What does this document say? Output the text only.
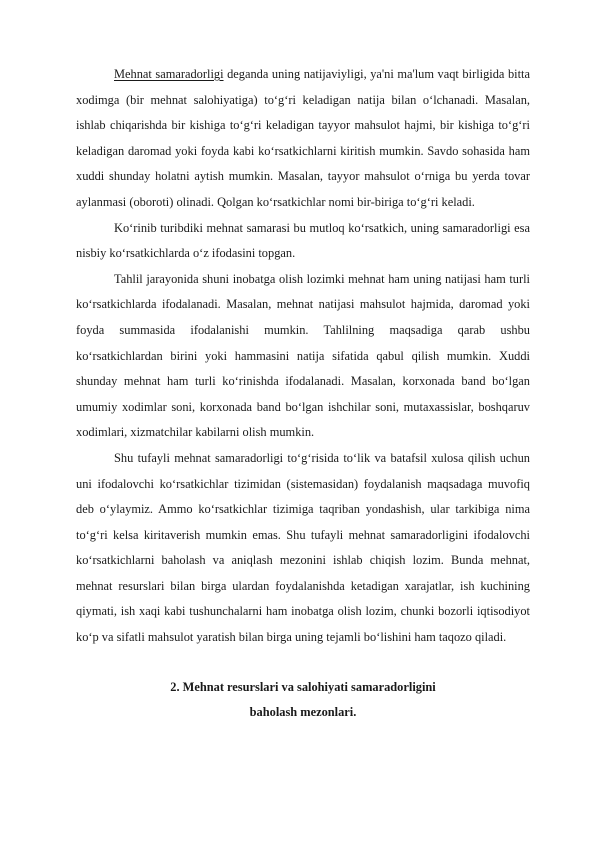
Mehnat samaradorligi deganda uning natijaviyligi, ya'ni ma'lum vaqt birligida bitta xodimga (bir mehnat salohiyatiga) toʻgʻri keladigan natija bilan oʻlchanadi. Masalan, ishlab chiqarishda bir kishiga toʻgʻri keladigan tayyor mahsulot hajmi, bir kishiga toʻgʻri keladigan daromad yoki foyda kabi koʻrsatkichlarni kiritish mumkin. Savdo sohasida ham xuddi shunday holatni aytish mumkin. Masalan, tayyor mahsulot oʻrniga bu yerda tovar aylanmasi (oboroti) olinadi. Qolgan koʻrsatkichlar nomi bir-biriga toʻgʻri keladi.

Koʻrinib turibdiki mehnat samarasi bu mutloq koʻrsatkich, uning samaradorligi esa nisbiy koʻrsatkichlarda oʻz ifodasini topgan.

Tahlil jarayonida shuni inobatga olish lozimki mehnat ham uning natijasi ham turli koʻrsatkichlarda ifodalanadi. Masalan, mehnat natijasi mahsulot hajmida, daromad yoki foyda summasida ifodalanishi mumkin. Tahlilning maqsadiga qarab ushbu koʻrsatkichlardan birini yoki hammasini natija sifatida qabul qilish mumkin. Xuddi shunday mehnat ham turli koʻrinishda ifodalanadi. Masalan, korxonada band boʻlgan umumiy xodimlar soni, korxonada band boʻlgan ishchilar soni, mutaxassislar, boshqaruv xodimlari, xizmatchilar kabilarni olish mumkin.

Shu tufayli mehnat samaradorligi toʻgʻrisida toʻlik va batafsil xulosa qilish uchun uni ifodalovchi koʻrsatkichlar tizimidan (sistemasidan) foydalanish maqsadaga muvofiq deb oʻylaymiz. Ammo koʻrsatkichlar tizimiga taqriban yondashish, ular tarkibiga nima toʻgʻri kelsa kiritaverish mumkin emas. Shu tufayli mehnat samaradorligini ifodalovchi koʻrsatkichlarni baholash va aniqlash mezonini ishlab chiqish lozim. Bunda mehnat, mehnat resurslari bilan birga ulardan foydalanishda ketadigan xarajatlar, ish kuchining qiymati, ish xaqi kabi tushunchalarni ham inobatga olish lozim, chunki bozorli iqtisodiyot koʻp va sifatli mahsulot yaratish bilan birga uning tejamli boʻlishini ham taqozo qiladi.

2. Mehnat resurslari va salohiyati samaradorligini
baholash mezonlari.
